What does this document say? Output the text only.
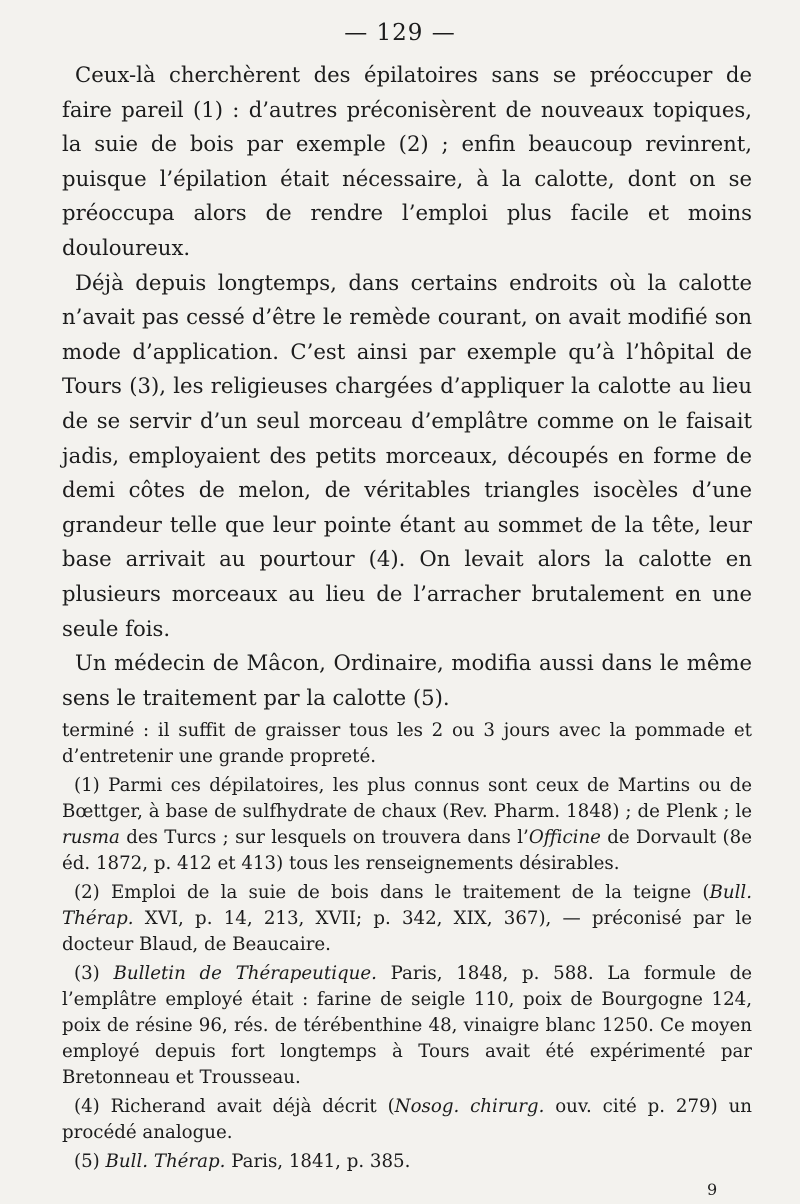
— 129 —

Ceux-là cherchèrent des épilatoires sans se préoccuper de faire pareil (1) : d’autres préconisèrent de nouveaux topiques, la suie de bois par exemple (2) ; enfin beaucoup revinrent, puisque l’épilation était nécessaire, à la calotte, dont on se préoccupa alors de rendre l’emploi plus facile et moins douloureux.

Déjà depuis longtemps, dans certains endroits où la calotte n’avait pas cessé d’être le remède courant, on avait modifié son mode d’application. C’est ainsi par exemple qu’à l’hôpital de Tours (3), les religieuses chargées d’appliquer la calotte au lieu de se servir d’un seul morceau d’emplâtre comme on le faisait jadis, employaient des petits morceaux, découpés en forme de demi côtes de melon, de véritables triangles isocèles d’une grandeur telle que leur pointe étant au sommet de la tête, leur base arrivait au pourtour (4). On levait alors la calotte en plusieurs morceaux au lieu de l’arracher brutalement en une seule fois.

Un médecin de Mâcon, Ordinaire, modifia aussi dans le même sens le traitement par la calotte (5).

terminé : il suffit de graisser tous les 2 ou 3 jours avec la pommade et d’entretenir une grande propreté.

(1) Parmi ces dépilatoires, les plus connus sont ceux de Martins ou de Bœttger, à base de sulfhydrate de chaux (Rev. Pharm. 1848) ; de Plenk ; le rusma des Turcs ; sur lesquels on trouvera dans l’Officine de Dorvault (8e éd. 1872, p. 412 et 413) tous les renseignements désirables.

(2) Emploi de la suie de bois dans le traitement de la teigne (Bull. Thérap. XVI, p. 14, 213, XVII; p. 342, XIX, 367), — préconisé par le docteur Blaud, de Beaucaire.

(3) Bulletin de Thérapeutique. Paris, 1848, p. 588. La formule de l’emplâtre employé était : farine de seigle 110, poix de Bourgogne 124, poix de résine 96, rés. de térébenthine 48, vinaigre blanc 1250. Ce moyen employé depuis fort longtemps à Tours avait été expérimenté par Bretonneau et Trousseau.

(4) Richerand avait déjà décrit (Nosog. chirurg. ouv. cité p. 279) un procédé analogue.

(5) Bull. Thérap. Paris, 1841, p. 385.

9
